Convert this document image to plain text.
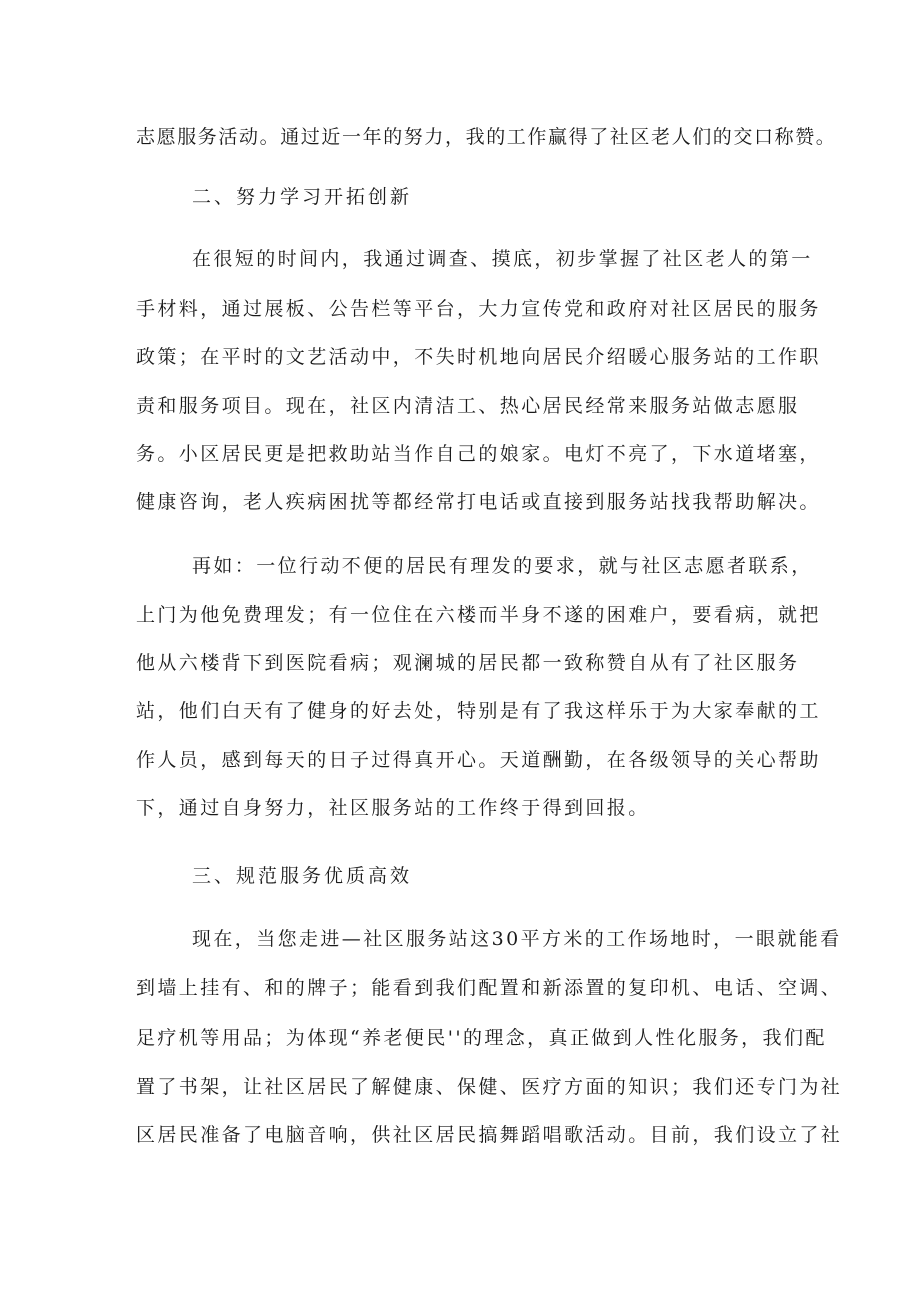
志愿服务活动。通过近一年的努力，我的工作赢得了社区老人们的交口称赞。
二、努力学习开拓创新
在很短的时间内，我通过调查、摸底，初步掌握了社区老人的第一
手材料，通过展板、公告栏等平台，大力宣传党和政府对社区居民的服务
政策；在平时的文艺活动中，不失时机地向居民介绍暖心服务站的工作职
责和服务项目。现在，社区内清洁工、热心居民经常来服务站做志愿服
务。小区居民更是把救助站当作自己的娘家。电灯不亮了，下水道堵塞，
健康咨询，老人疾病困扰等都经常打电话或直接到服务站找我帮助解决。
再如：一位行动不便的居民有理发的要求，就与社区志愿者联系，
上门为他免费理发；有一位住在六楼而半身不遂的困难户，要看病，就把
他从六楼背下到医院看病；观澜城的居民都一致称赞自从有了社区服务
站，他们白天有了健身的好去处，特别是有了我这样乐于为大家奉献的工
作人员，感到每天的日子过得真开心。天道酬勤，在各级领导的关心帮助
下，通过自身努力，社区服务站的工作终于得到回报。
三、规范服务优质高效
现在，当您走进—社区服务站这30平方米的工作场地时，一眼就能看
到墙上挂有、和的牌子；能看到我们配置和新添置的复印机、电话、空调、
足疗机等用品；为体现“养老便民''的理念，真正做到人性化服务，我们配
置了书架，让社区居民了解健康、保健、医疗方面的知识；我们还专门为社
区居民准备了电脑音响，供社区居民搞舞蹈唱歌活动。目前，我们设立了社
